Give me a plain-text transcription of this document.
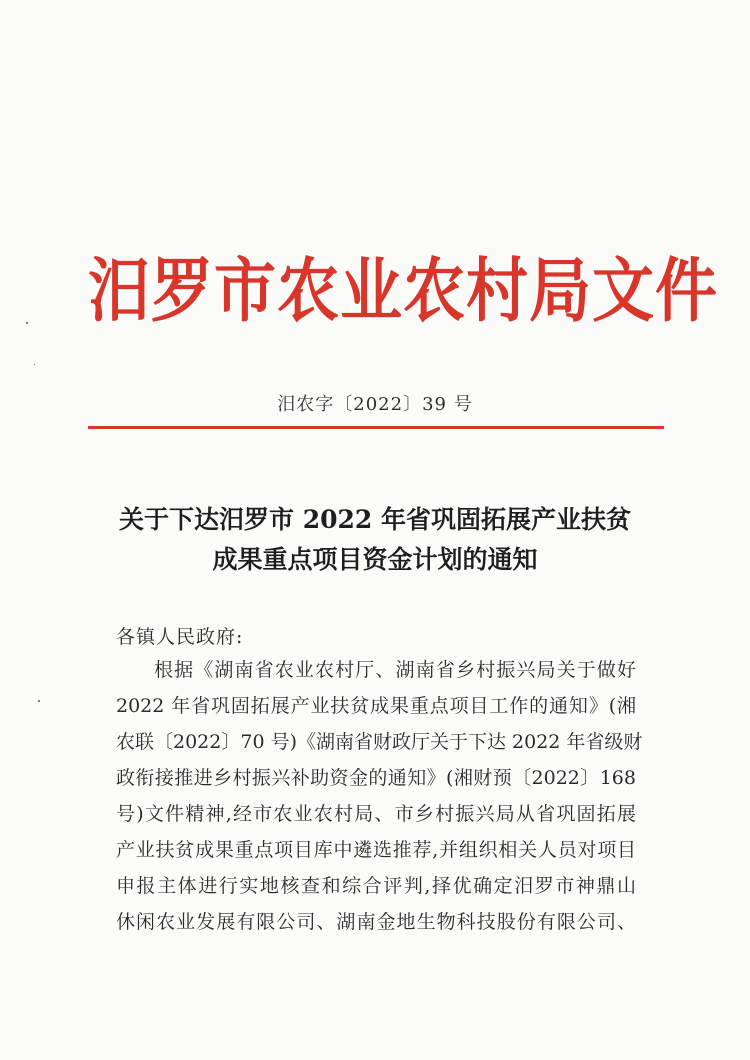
汨罗市农业农村局文件
汨农字〔2022〕39 号
关于下达汨罗市 2022 年省巩固拓展产业扶贫
成果重点项目资金计划的通知
各镇人民政府:
根据《湖南省农业农村厅、湖南省乡村振兴局关于做好
2022 年省巩固拓展产业扶贫成果重点项目工作的通知》(湘
农联〔2022〕70 号)《湖南省财政厅关于下达 2022 年省级财
政衔接推进乡村振兴补助资金的通知》(湘财预〔2022〕168
号)文件精神,经市农业农村局、市乡村振兴局从省巩固拓展
产业扶贫成果重点项目库中遴选推荐,并组织相关人员对项目
申报主体进行实地核查和综合评判,择优确定汨罗市神鼎山
休闲农业发展有限公司、湖南金地生物科技股份有限公司、
